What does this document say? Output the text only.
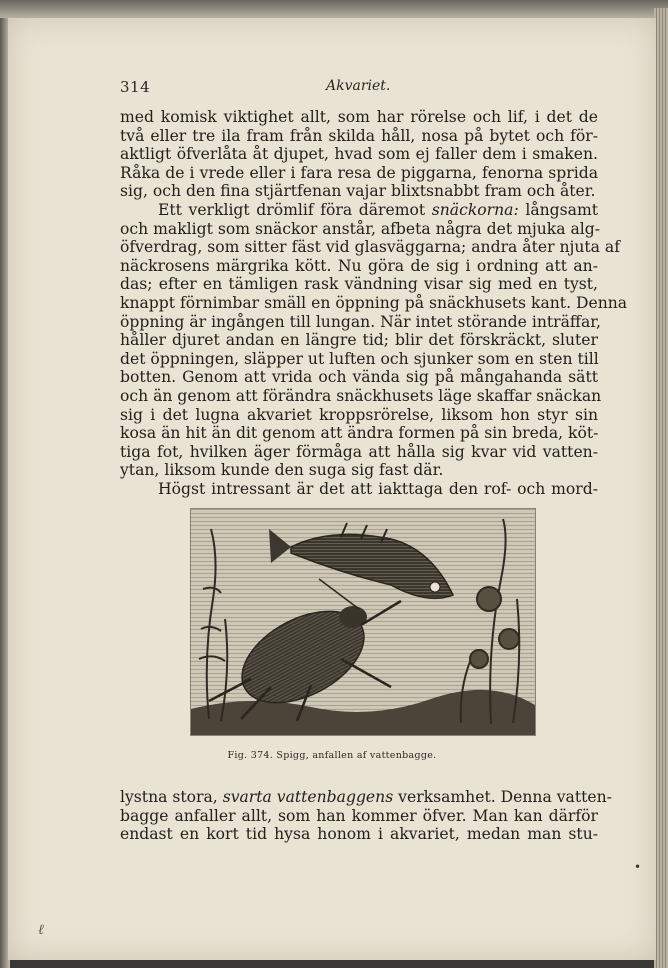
314	Akvariet.
med komisk viktighet allt, som har rörelse och lif, i det de
två eller tre ila fram från skilda håll, nosa på bytet och för-
aktligt öfverlåta åt djupet, hvad som ej faller dem i smaken.
Råka de i vrede eller i fara resa de piggarna, fenorna sprida
sig, och den fina stjärtfenan vajar blixtsnabbt fram och åter.
Ett verkligt drömlif föra däremot snäckorna: långsamt
och makligt som snäckor anstår, afbeta några det mjuka alg-
öfverdrag, som sitter fäst vid glasväggarna; andra åter njuta af
näckrosens märgrika kött. Nu göra de sig i ordning att an-
das; efter en tämligen rask vändning visar sig med en tyst,
knappt förnimbar smäll en öppning på snäckhusets kant. Denna
öppning är ingången till lungan. När intet störande inträffar,
håller djuret andan en längre tid; blir det förskräckt, sluter
det öppningen, släpper ut luften och sjunker som en sten till
botten. Genom att vrida och vända sig på mångahanda sätt
och än genom att förändra snäckhusets läge skaffar snäckan
sig i det lugna akvariet kroppsrörelse, liksom hon styr sin
kosa än hit än dit genom att ändra formen på sin breda, köt-
tiga fot, hvilken äger förmåga att hålla sig kvar vid vatten-
ytan, liksom kunde den suga sig fast där.
Högst intressant är det att iakttaga den rof- och mord-
Fig. 374. Spigg, anfallen af vattenbagge.
lystna stora, svarta vattenbaggens verksamhet. Denna vatten-
bagge anfaller allt, som han kommer öfver. Man kan därför
endast en kort tid hysa honom i akvariet, medan man stu-
•
ℓ
